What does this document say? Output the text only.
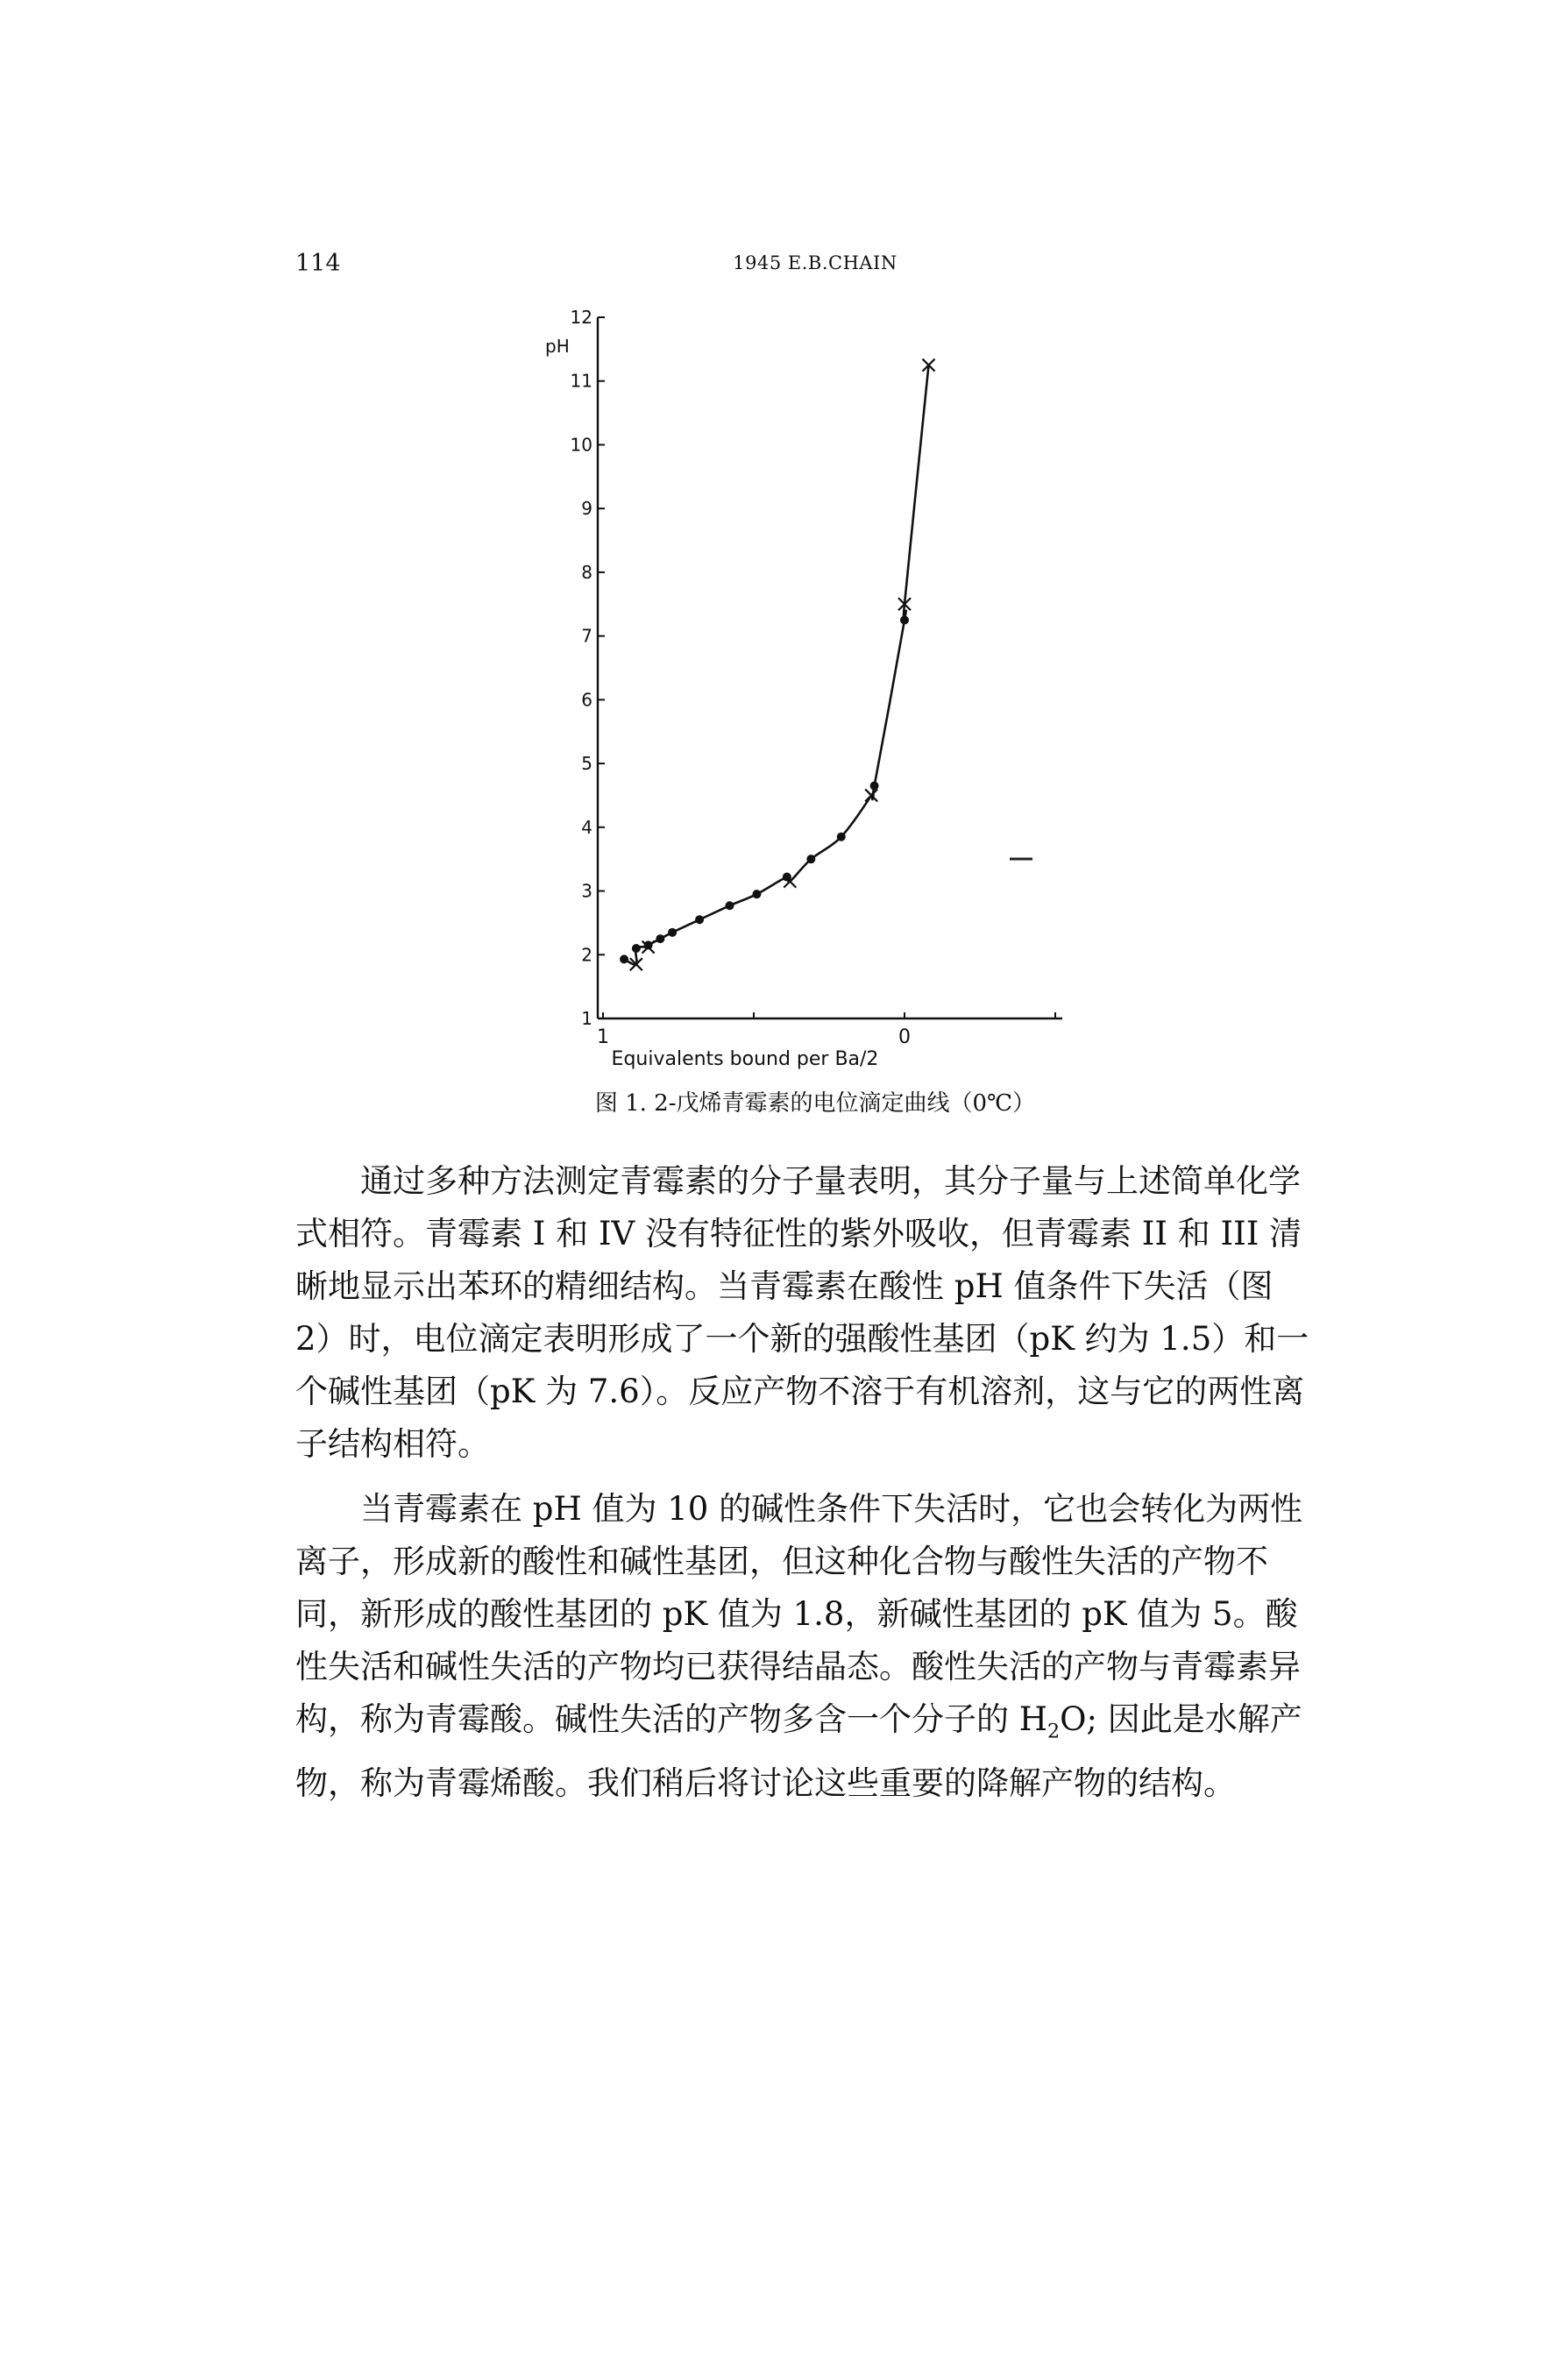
114	1945 E.B.CHAIN
1
2
3
4
5
6
7
8
9
10
11
12
1	0
pH
Equivalents bound per Ba/2
图 1. 2-戊烯青霉素的电位滴定曲线（0℃）

通过多种方法测定青霉素的分子量表明，其分子量与上述简单化学式相符。青霉素 I 和 IV 没有特征性的紫外吸收，但青霉素 II 和 III 清晰地显示出苯环的精细结构。当青霉素在酸性 pH 值条件下失活（图 2）时，电位滴定表明形成了一个新的强酸性基团（pK 约为 1.5）和一个碱性基团（pK 为 7.6）。反应产物不溶于有机溶剂，这与它的两性离子结构相符。

当青霉素在 pH 值为 10 的碱性条件下失活时，它也会转化为两性离子，形成新的酸性和碱性基团，但这种化合物与酸性失活的产物不同，新形成的酸性基团的 pK 值为 1.8，新碱性基团的 pK 值为 5。酸性失活和碱性失活的产物均已获得结晶态。酸性失活的产物与青霉素异构，称为青霉酸。碱性失活的产物多含一个分子的 $H_2O$; 因此是水解产物，称为青霉烯酸。我们稍后将讨论这些重要的降解产物的结构。
